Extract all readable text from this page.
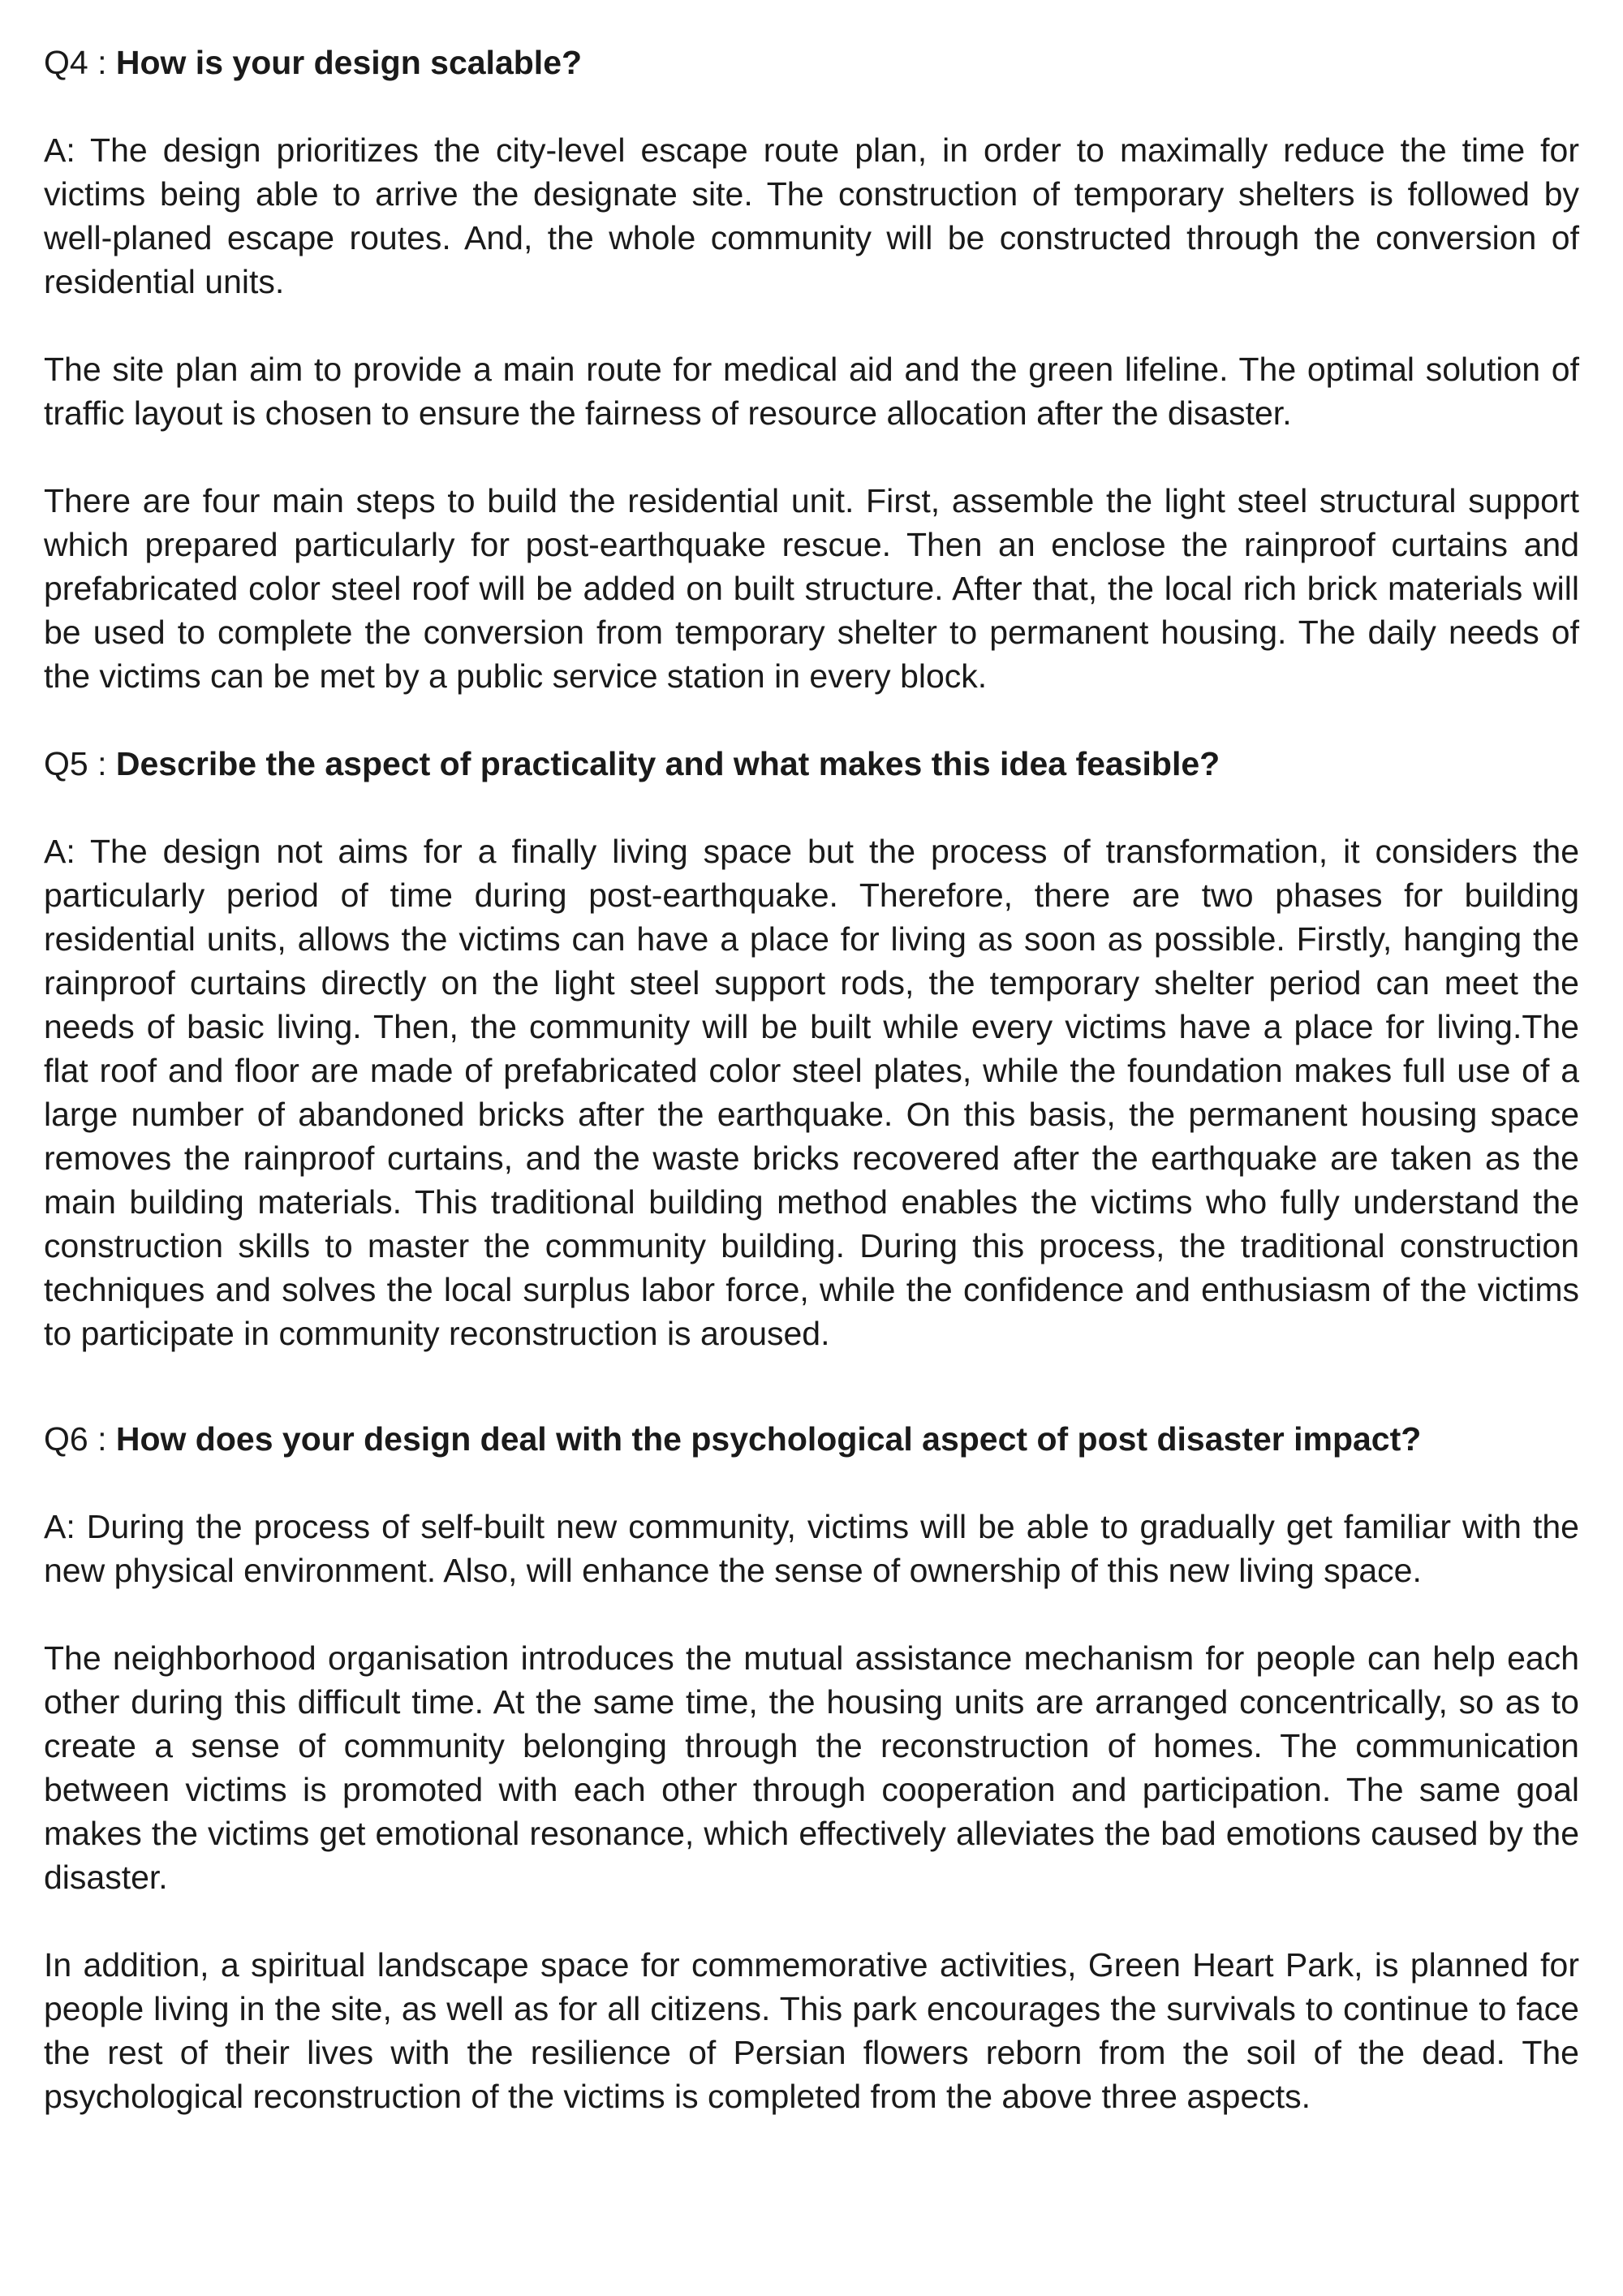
Q4 : How is your design scalable?

A: The design prioritizes the city-level escape route plan, in order to maximally reduce the time for victims being able to arrive the designate site. The construction of temporary shelters is followed by well-planed escape routes. And, the whole community will be constructed through the conversion of residential units.

The site plan aim to provide a main route for medical aid and the green lifeline. The optimal solution of traffic layout is chosen to ensure the fairness of resource allocation after the disaster.

There are four main steps to build the residential unit. First, assemble the light steel structural support which prepared particularly for post-earthquake rescue. Then an enclose the rainproof curtains and prefabricated color steel roof will be added on built structure. After that, the local rich brick materials will be used to complete the conversion from temporary shelter to permanent housing. The daily needs of the victims can be met by a public service station in every block.

Q5 : Describe the aspect of practicality and what makes this idea feasible?

A: The design not aims for a finally living space but the process of transformation, it considers the particularly period of time during post-earthquake. Therefore, there are two phases for building residential units, allows the victims can have a place for living as soon as possible. Firstly, hanging the rainproof curtains directly on the light steel support rods, the temporary shelter period can meet the needs of basic living. Then, the community will be built while every victims have a place for living.The flat roof and floor are made of prefabricated color steel plates, while the foundation makes full use of a large number of abandoned bricks after the earthquake. On this basis, the permanent housing space removes the rainproof curtains, and the waste bricks recovered after the earthquake are taken as the main building materials. This traditional building method enables the victims who fully understand the construction skills to master the community building. During this process, the traditional construction techniques and solves the local surplus labor force, while the confidence and enthusiasm of the victims to participate in community reconstruction is aroused.

Q6 : How does your design deal with the psychological aspect of post disaster impact?

A: During the process of self-built new community, victims will be able to gradually get familiar with the new physical environment. Also, will enhance the sense of ownership of this new living space.

The neighborhood organisation introduces the mutual assistance mechanism for people can help each other during this difficult time. At the same time, the housing units are arranged concentrically, so as to create a sense of community belonging through the reconstruction of homes. The communication between victims is promoted with each other through cooperation and participation. The same goal makes the victims get emotional resonance, which effectively alleviates the bad emotions caused by the disaster.

In addition, a spiritual landscape space for commemorative activities, Green Heart Park, is planned for people living in the site, as well as for all citizens. This park encourages the survivals to continue to face the rest of their lives with the resilience of Persian flowers reborn from the soil of the dead. The psychological reconstruction of the victims is completed from the above three aspects.
